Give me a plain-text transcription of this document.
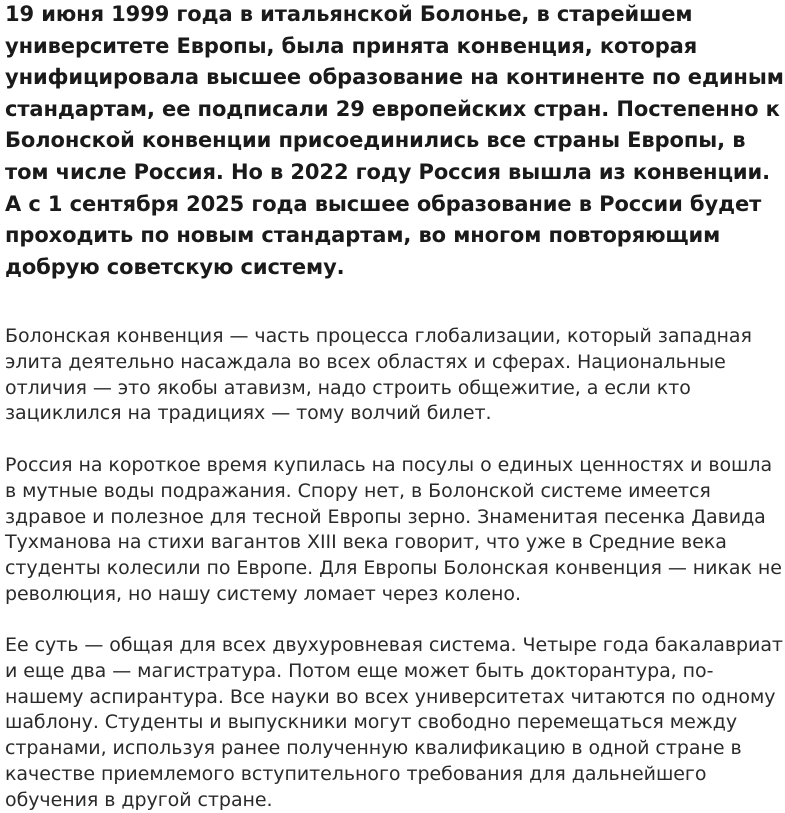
19 июня 1999 года в итальянской Болонье, в старейшем университете Европы, была принята конвенция, которая унифицировала высшее образование на континенте по единым стандартам, ее подписали 29 европейских стран. Постепенно к Болонской конвенции присоединились все страны Европы, в том числе Россия. Но в 2022 году Россия вышла из конвенции. А с 1 сентября 2025 года высшее образование в России будет проходить по новым стандартам, во многом повторяющим добрую советскую систему.

Болонская конвенция — часть процесса глобализации, который западная элита деятельно насаждала во всех областях и сферах. Национальные отличия — это якобы атавизм, надо строить общежитие, а если кто зациклился на традициях — тому волчий билет.

Россия на короткое время купилась на посулы о единых ценностях и вошла в мутные воды подражания. Спору нет, в Болонской системе имеется здравое и полезное для тесной Европы зерно. Знаменитая песенка Давида Тухманова на стихи вагантов XIII века говорит, что уже в Средние века студенты колесили по Европе. Для Европы Болонская конвенция — никак не революция, но нашу систему ломает через колено.

Ее суть — общая для всех двухуровневая система. Четыре года бакалавриат и еще два — магистратура. Потом еще может быть докторантура, по-нашему аспирантура. Все науки во всех университетах читаются по одному шаблону. Студенты и выпускники могут свободно перемещаться между странами, используя ранее полученную квалификацию в одной стране в качестве приемлемого вступительного требования для дальнейшего обучения в другой стране.
